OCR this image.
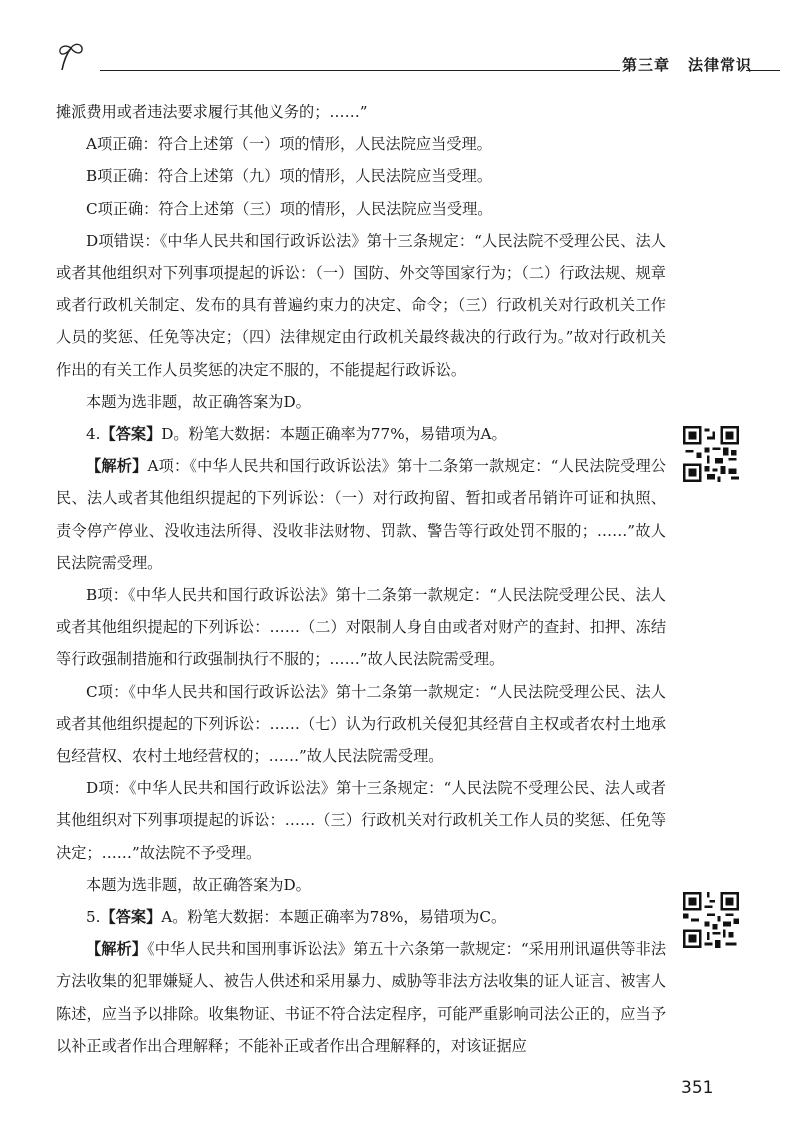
第三章 法律常识

摊派费用或者违法要求履行其他义务的；……”

A项正确：符合上述第（一）项的情形，人民法院应当受理。

B项正确：符合上述第（九）项的情形，人民法院应当受理。

C项正确：符合上述第（三）项的情形，人民法院应当受理。

D项错误：《中华人民共和国行政诉讼法》第十三条规定：“人民法院不受理公民、法人或者其他组织对下列事项提起的诉讼：（一）国防、外交等国家行为；（二）行政法规、规章或者行政机关制定、发布的具有普遍约束力的决定、命令；（三）行政机关对行政机关工作人员的奖惩、任免等决定；（四）法律规定由行政机关最终裁决的行政行为。”故对行政机关作出的有关工作人员奖惩的决定不服的，不能提起行政诉讼。

本题为选非题，故正确答案为D。

4.【答案】D。粉笔大数据：本题正确率为77%，易错项为A。

【解析】A项：《中华人民共和国行政诉讼法》第十二条第一款规定：“人民法院受理公民、法人或者其他组织提起的下列诉讼：（一）对行政拘留、暂扣或者吊销许可证和执照、责令停产停业、没收违法所得、没收非法财物、罚款、警告等行政处罚不服的；……”故人民法院需受理。

B项：《中华人民共和国行政诉讼法》第十二条第一款规定：“人民法院受理公民、法人或者其他组织提起的下列诉讼：……（二）对限制人身自由或者对财产的查封、扣押、冻结等行政强制措施和行政强制执行不服的；……”故人民法院需受理。

C项：《中华人民共和国行政诉讼法》第十二条第一款规定：“人民法院受理公民、法人或者其他组织提起的下列诉讼：……（七）认为行政机关侵犯其经营自主权或者农村土地承包经营权、农村土地经营权的；……”故人民法院需受理。

D项：《中华人民共和国行政诉讼法》第十三条规定：“人民法院不受理公民、法人或者其他组织对下列事项提起的诉讼：……（三）行政机关对行政机关工作人员的奖惩、任免等决定；……”故法院不予受理。

本题为选非题，故正确答案为D。

5.【答案】A。粉笔大数据：本题正确率为78%，易错项为C。

【解析】《中华人民共和国刑事诉讼法》第五十六条第一款规定：“采用刑讯逼供等非法方法收集的犯罪嫌疑人、被告人供述和采用暴力、威胁等非法方法收集的证人证言、被害人陈述，应当予以排除。收集物证、书证不符合法定程序，可能严重影响司法公正的，应当予以补正或者作出合理解释；不能补正或者作出合理解释的，对该证据应

351
